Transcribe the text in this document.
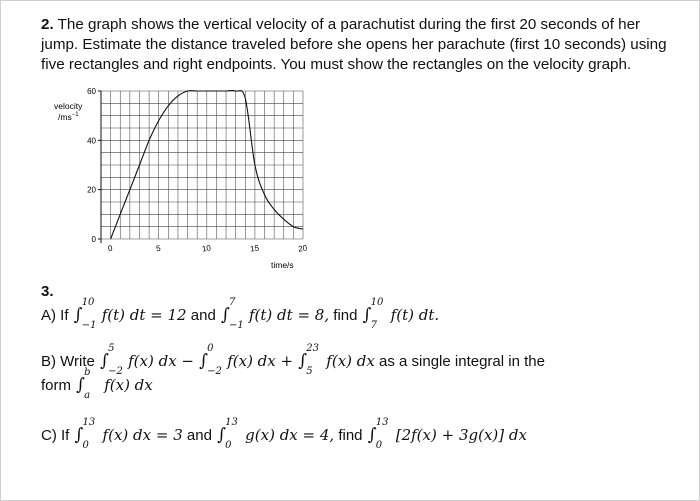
2. The graph shows the vertical velocity of a parachutist during the first 20 seconds of her jump. Estimate the distance traveled before she opens her parachute (first 10 seconds) using five rectangles and right endpoints. You must show the rectangles on the velocity graph.
0
20
40
60
0	5	10	15	20
velocity
$/ms^{-1}$
time/s
3.
A) If ∫
10
−1
f(t) dt = 12 and ∫
7
−1
f(t) dt = 8, find ∫
10
7
f(t) dt.
B) Write ∫
5
−2
f(x) dx − ∫
0
−2
f(x) dx + ∫
23
5
f(x) dx as a single integral in the
form ∫
b
a
f(x) dx
C) If ∫
13
0
f(x) dx = 3 and ∫
13
0
g(x) dx = 4, find ∫
13
0
[2f(x) + 3g(x)] dx
